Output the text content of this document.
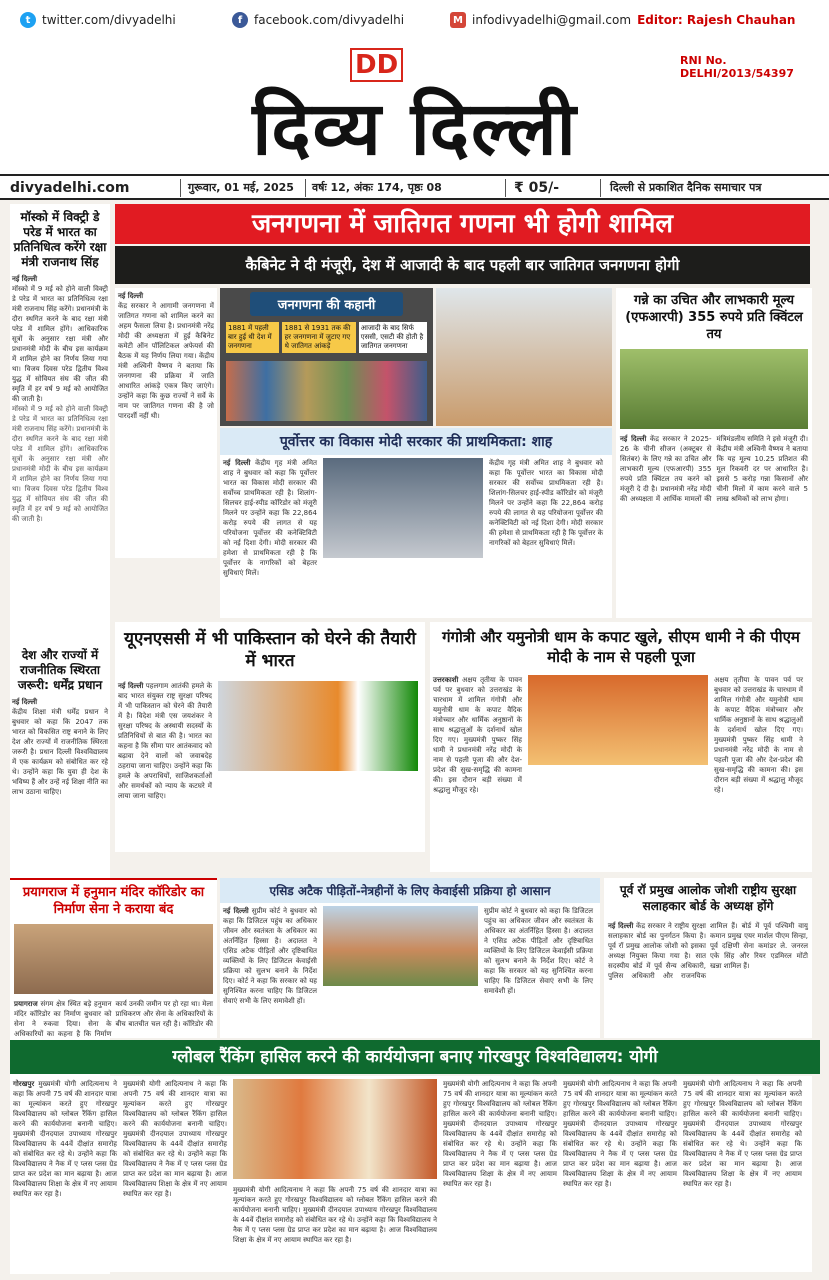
t twitter.com/divyadelhi	f facebook.com/divyadelhi	M infodivyadelhi@gmail.com Editor: Rajesh Chauhan
DD
दिव्य दिल्ली
RNI No. DELHI/2013/54397
divyadelhi.com	गुरूवार, 01 मई, 2025 वर्षः 12, अंकः 174, पृष्ठः 08	₹ 05/-	दिल्ली से प्रकाशित दैनिक समाचार पत्र
मॉस्को में विक्ट्री डे परेड में भारत का प्रतिनिधित्व करेंगे रक्षा मंत्री राजनाथ सिंह
नई दिल्ली
मॉस्को में 9 मई को होने वाली विक्ट्री डे परेड में भारत का प्रतिनिधित्व रक्षा मंत्री राजनाथ सिंह करेंगे। प्रधानमंत्री के दौरा स्थगित करने के बाद रक्षा मंत्री परेड में शामिल होंगे। आधिकारिक सूत्रों के अनुसार रक्षा मंत्री और प्रधानमंत्री मोदी के बीच इस कार्यक्रम में शामिल होने का निर्णय लिया गया था। विजय दिवस परेड द्वितीय विश्व युद्ध में सोवियत संघ की जीत की स्मृति में हर वर्ष 9 मई को आयोजित की जाती है।
मॉस्को में 9 मई को होने वाली विक्ट्री डे परेड में भारत का प्रतिनिधित्व रक्षा मंत्री राजनाथ सिंह करेंगे। प्रधानमंत्री के दौरा स्थगित करने के बाद रक्षा मंत्री परेड में शामिल होंगे। आधिकारिक सूत्रों के अनुसार रक्षा मंत्री और प्रधानमंत्री मोदी के बीच इस कार्यक्रम में शामिल होने का निर्णय लिया गया था। विजय दिवस परेड द्वितीय विश्व युद्ध में सोवियत संघ की जीत की स्मृति में हर वर्ष 9 मई को आयोजित की जाती है।
देश और राज्यों में राजनीतिक स्थिरता जरूरी: धर्मेंद्र प्रधान
नई दिल्ली
केंद्रीय शिक्षा मंत्री धर्मेंद्र प्रधान ने बुधवार को कहा कि 2047 तक भारत को विकसित राष्ट्र बनाने के लिए देश और राज्यों में राजनीतिक स्थिरता जरूरी है। प्रधान दिल्ली विश्वविद्यालय में एक कार्यक्रम को संबोधित कर रहे थे। उन्होंने कहा कि युवा ही देश के भविष्य हैं और उन्हें नई शिक्षा नीति का लाभ उठाना चाहिए।
जनगणना में जातिगत गणना भी होगी शामिल
कैबिनेट ने दी मंजूरी, देश में आजादी के बाद पहली बार जातिगत जनगणना होगी
नई दिल्ली
केंद्र सरकार ने आगामी जनगणना में जातिगत गणना को शामिल करने का अहम फैसला लिया है। प्रधानमंत्री नरेंद्र मोदी की अध्यक्षता में हुई कैबिनेट कमेटी ऑन पॉलिटिकल अफेयर्स की बैठक में यह निर्णय लिया गया। केंद्रीय मंत्री अश्विनी वैष्णव ने बताया कि जनगणना की प्रक्रिया में जाति आधारित आंकड़े एकत्र किए जाएंगे। उन्होंने कहा कि कुछ राज्यों ने सर्वे के नाम पर जातिगत गणना की है जो पारदर्शी नहीं थी।
जनगणना की कहानी
1881 में पहली बार हुई थी देश में जनगणना
1881 से 1931 तक की हर जनगणना में जुटाए गए थे जातिगत आंकड़े
आजादी के बाद सिर्फ एससी, एसटी की होती है जातिगत जनगणना
गन्ने का उचित और लाभकारी मूल्य (एफआरपी) 355 रुपये प्रति क्विंटल तय
नई दिल्ली केंद्र सरकार ने 2025-26 के चीनी सीजन (अक्टूबर से सितंबर) के लिए गन्ने का उचित और लाभकारी मूल्य (एफआरपी) 355 रुपये प्रति क्विंटल तय करने को मंजूरी दे दी है। प्रधानमंत्री नरेंद्र मोदी की अध्यक्षता में आर्थिक मामलों की मंत्रिमंडलीय समिति ने इसे मंजूरी दी। केंद्रीय मंत्री अश्विनी वैष्णव ने बताया कि यह मूल्य 10.25 प्रतिशत की मूल रिकवरी दर पर आधारित है। इससे 5 करोड़ गन्ना किसानों और चीनी मिलों में काम करने वाले 5 लाख श्रमिकों को लाभ होगा।
पूर्वोत्तर का विकास मोदी सरकार की प्राथमिकता: शाह
नई दिल्ली केंद्रीय गृह मंत्री अमित शाह ने बुधवार को कहा कि पूर्वोत्तर भारत का विकास मोदी सरकार की सर्वोच्च प्राथमिकता रही है। शिलांग-सिलचर हाई-स्पीड कॉरिडोर को मंजूरी मिलने पर उन्होंने कहा कि 22,864 करोड़ रुपये की लागत से यह परियोजना पूर्वोत्तर की कनेक्टिविटी को नई दिशा देगी। मोदी सरकार की हमेशा से प्राथमिकता रही है कि पूर्वोत्तर के नागरिकों को बेहतर सुविधाएं मिलें।
केंद्रीय गृह मंत्री अमित शाह ने बुधवार को कहा कि पूर्वोत्तर भारत का विकास मोदी सरकार की सर्वोच्च प्राथमिकता रही है। शिलांग-सिलचर हाई-स्पीड कॉरिडोर को मंजूरी मिलने पर उन्होंने कहा कि 22,864 करोड़ रुपये की लागत से यह परियोजना पूर्वोत्तर की कनेक्टिविटी को नई दिशा देगी। मोदी सरकार की हमेशा से प्राथमिकता रही है कि पूर्वोत्तर के नागरिकों को बेहतर सुविधाएं मिलें।
यूएनएससी में भी पाकिस्तान को घेरने की तैयारी में भारत
नई दिल्ली पहलगाम आतंकी हमले के बाद भारत संयुक्त राष्ट्र सुरक्षा परिषद में भी पाकिस्तान को घेरने की तैयारी में है। विदेश मंत्री एस जयशंकर ने सुरक्षा परिषद के अस्थायी सदस्यों के प्रतिनिधियों से बात की है। भारत का कहना है कि सीमा पार आतंकवाद को बढ़ावा देने वालों को जवाबदेह ठहराया जाना चाहिए। उन्होंने कहा कि हमले के अपराधियों, साजिशकर्ताओं और समर्थकों को न्याय के कटघरे में लाया जाना चाहिए।
गंगोत्री और यमुनोत्री धाम के कपाट खुले, सीएम धामी ने की पीएम मोदी के नाम से पहली पूजा
उत्तरकाशी अक्षय तृतीया के पावन पर्व पर बुधवार को उत्तराखंड के चारधाम में शामिल गंगोत्री और यमुनोत्री धाम के कपाट वैदिक मंत्रोच्चार और धार्मिक अनुष्ठानों के साथ श्रद्धालुओं के दर्शनार्थ खोल दिए गए। मुख्यमंत्री पुष्कर सिंह धामी ने प्रधानमंत्री नरेंद्र मोदी के नाम से पहली पूजा की और देश-प्रदेश की सुख-समृद्धि की कामना की। इस दौरान बड़ी संख्या में श्रद्धालु मौजूद रहे।
अक्षय तृतीया के पावन पर्व पर बुधवार को उत्तराखंड के चारधाम में शामिल गंगोत्री और यमुनोत्री धाम के कपाट वैदिक मंत्रोच्चार और धार्मिक अनुष्ठानों के साथ श्रद्धालुओं के दर्शनार्थ खोल दिए गए। मुख्यमंत्री पुष्कर सिंह धामी ने प्रधानमंत्री नरेंद्र मोदी के नाम से पहली पूजा की और देश-प्रदेश की सुख-समृद्धि की कामना की। इस दौरान बड़ी संख्या में श्रद्धालु मौजूद रहे।
प्रयागराज में हनुमान मंदिर कॉरिडोर का निर्माण सेना ने कराया बंद
प्रयागराज संगम क्षेत्र स्थित बड़े हनुमान मंदिर कॉरिडोर का निर्माण बुधवार को सेना ने रुकवा दिया। सेना के अधिकारियों का कहना है कि निर्माण कार्य उनकी जमीन पर हो रहा था। मेला प्राधिकरण और सेना के अधिकारियों के बीच बातचीत चल रही है। कॉरिडोर की
एसिड अटैक पीड़ितों-नेत्रहीनों के लिए केवाईसी प्रक्रिया हो आसान
नई दिल्ली सुप्रीम कोर्ट ने बुधवार को कहा कि डिजिटल पहुंच का अधिकार जीवन और स्वतंत्रता के अधिकार का अंतर्निहित हिस्सा है। अदालत ने एसिड अटैक पीड़ितों और दृष्टिबाधित व्यक्तियों के लिए डिजिटल केवाईसी प्रक्रिया को सुलभ बनाने के निर्देश दिए। कोर्ट ने कहा कि सरकार को यह सुनिश्चित करना चाहिए कि डिजिटल सेवाएं सभी के लिए समावेशी हों।
सुप्रीम कोर्ट ने बुधवार को कहा कि डिजिटल पहुंच का अधिकार जीवन और स्वतंत्रता के अधिकार का अंतर्निहित हिस्सा है। अदालत ने एसिड अटैक पीड़ितों और दृष्टिबाधित व्यक्तियों के लिए डिजिटल केवाईसी प्रक्रिया को सुलभ बनाने के निर्देश दिए। कोर्ट ने कहा कि सरकार को यह सुनिश्चित करना चाहिए कि डिजिटल सेवाएं सभी के लिए समावेशी हों।
पूर्व रॉ प्रमुख आलोक जोशी राष्ट्रीय सुरक्षा सलाहकार बोर्ड के अध्यक्ष होंगे
नई दिल्ली केंद्र सरकार ने राष्ट्रीय सुरक्षा सलाहकार बोर्ड का पुनर्गठन किया है। पूर्व रॉ प्रमुख आलोक जोशी को इसका अध्यक्ष नियुक्त किया गया है। सात सदस्यीय बोर्ड में पूर्व सैन्य अधिकारी, पुलिस अधिकारी और राजनयिक शामिल हैं। बोर्ड में पूर्व पश्चिमी वायु कमान प्रमुख एयर मार्शल पीएम सिन्हा, पूर्व दक्षिणी सेना कमांडर ले. जनरल एके सिंह और रियर एडमिरल मोंटी खन्ना शामिल हैं।
ग्लोबल रैंकिंग हासिल करने की कार्ययोजना बनाए गोरखपुर विश्वविद्यालय: योगी
गोरखपुर मुख्यमंत्री योगी आदित्यनाथ ने कहा कि अपनी 75 वर्ष की शानदार यात्रा का मूल्यांकन करते हुए गोरखपुर विश्वविद्यालय को ग्लोबल रैंकिंग हासिल करने की कार्ययोजना बनानी चाहिए। मुख्यमंत्री दीनदयाल उपाध्याय गोरखपुर विश्वविद्यालय के 44वें दीक्षांत समारोह को संबोधित कर रहे थे। उन्होंने कहा कि विश्वविद्यालय ने नैक में ए प्लस प्लस ग्रेड प्राप्त कर प्रदेश का मान बढ़ाया है। आज विश्वविद्यालय शिक्षा के क्षेत्र में नए आयाम स्थापित कर रहा है।
मुख्यमंत्री योगी आदित्यनाथ ने कहा कि अपनी 75 वर्ष की शानदार यात्रा का मूल्यांकन करते हुए गोरखपुर विश्वविद्यालय को ग्लोबल रैंकिंग हासिल करने की कार्ययोजना बनानी चाहिए। मुख्यमंत्री दीनदयाल उपाध्याय गोरखपुर विश्वविद्यालय के 44वें दीक्षांत समारोह को संबोधित कर रहे थे। उन्होंने कहा कि विश्वविद्यालय ने नैक में ए प्लस प्लस ग्रेड प्राप्त कर प्रदेश का मान बढ़ाया है। आज विश्वविद्यालय शिक्षा के क्षेत्र में नए आयाम स्थापित कर रहा है।	मुख्यमंत्री योगी आदित्यनाथ ने कहा कि अपनी 75 वर्ष की शानदार यात्रा का मूल्यांकन करते हुए गोरखपुर विश्वविद्यालय को ग्लोबल रैंकिंग हासिल करने की कार्ययोजना बनानी चाहिए। मुख्यमंत्री दीनदयाल उपाध्याय गोरखपुर विश्वविद्यालय के 44वें दीक्षांत समारोह को संबोधित कर रहे थे। उन्होंने कहा कि विश्वविद्यालय ने नैक में ए प्लस प्लस ग्रेड प्राप्त कर प्रदेश का मान बढ़ाया है। आज विश्वविद्यालय शिक्षा के क्षेत्र में नए आयाम स्थापित कर रहा है।
मुख्यमंत्री योगी आदित्यनाथ ने कहा कि अपनी 75 वर्ष की शानदार यात्रा का मूल्यांकन करते हुए गोरखपुर विश्वविद्यालय को ग्लोबल रैंकिंग हासिल करने की कार्ययोजना बनानी चाहिए। मुख्यमंत्री दीनदयाल उपाध्याय गोरखपुर विश्वविद्यालय के 44वें दीक्षांत समारोह को संबोधित कर रहे थे। उन्होंने कहा कि विश्वविद्यालय ने नैक में ए प्लस प्लस ग्रेड प्राप्त कर प्रदेश का मान बढ़ाया है। आज विश्वविद्यालय शिक्षा के क्षेत्र में नए आयाम स्थापित कर रहा है।
मुख्यमंत्री योगी आदित्यनाथ ने कहा कि अपनी 75 वर्ष की शानदार यात्रा का मूल्यांकन करते हुए गोरखपुर विश्वविद्यालय को ग्लोबल रैंकिंग हासिल करने की कार्ययोजना बनानी चाहिए। मुख्यमंत्री दीनदयाल उपाध्याय गोरखपुर विश्वविद्यालय के 44वें दीक्षांत समारोह को संबोधित कर रहे थे। उन्होंने कहा कि विश्वविद्यालय ने नैक में ए प्लस प्लस ग्रेड प्राप्त कर प्रदेश का मान बढ़ाया है। आज विश्वविद्यालय शिक्षा के क्षेत्र में नए आयाम स्थापित कर रहा है।
मुख्यमंत्री योगी आदित्यनाथ ने कहा कि अपनी 75 वर्ष की शानदार यात्रा का मूल्यांकन करते हुए गोरखपुर विश्वविद्यालय को ग्लोबल रैंकिंग हासिल करने की कार्ययोजना बनानी चाहिए। मुख्यमंत्री दीनदयाल उपाध्याय गोरखपुर विश्वविद्यालय के 44वें दीक्षांत समारोह को संबोधित कर रहे थे। उन्होंने कहा कि विश्वविद्यालय ने नैक में ए प्लस प्लस ग्रेड प्राप्त कर प्रदेश का मान बढ़ाया है। आज विश्वविद्यालय शिक्षा के क्षेत्र में नए आयाम स्थापित कर रहा है।
